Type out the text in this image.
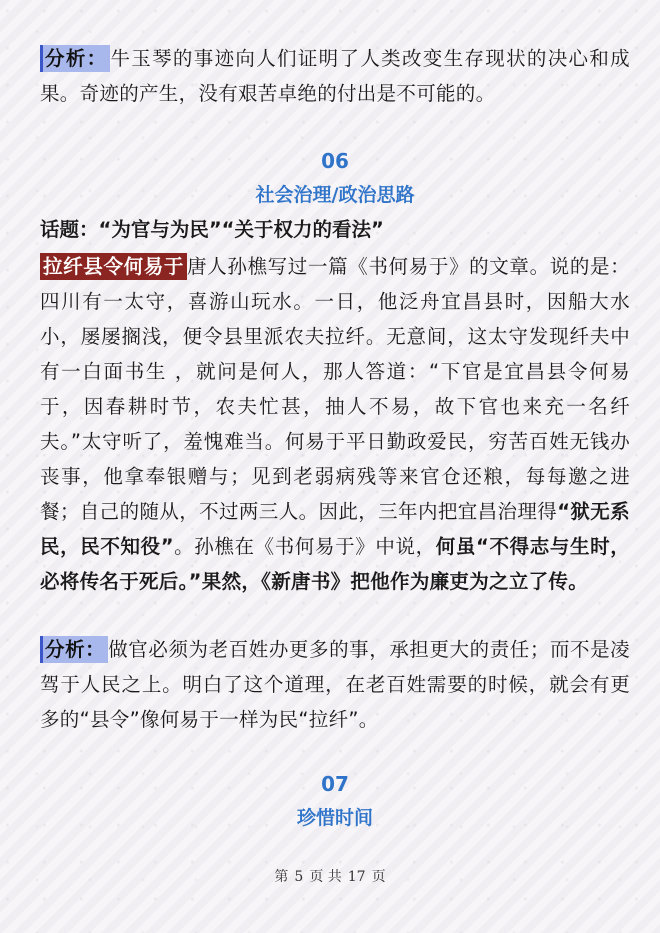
分析： 牛玉琴的事迹向人们证明了人类改变生存现状的决心和成果。奇迹的产生，没有艰苦卓绝的付出是不可能的。

06

社会治理/政治思路

话题：“为官与为民”“关于权力的看法”

拉纤县令何易于 唐人孙樵写过一篇《书何易于》的文章。说的是：四川有一太守，喜游山玩水。一日，他泛舟宜昌县时，因船大水小，屡屡搁浅，便令县里派农夫拉纤。无意间，这太守发现纤夫中有一白面书生 ，就问是何人，那人答道：“下官是宜昌县令何易于，因春耕时节，农夫忙甚，抽人不易，故下官也来充一名纤夫。”太守听了，羞愧难当。何易于平日勤政爱民，穷苦百姓无钱办丧事，他拿奉银赠与；见到老弱病残等来官仓还粮，每每邀之进餐；自己的随从，不过两三人。因此，三年内把宜昌治理得“狱无系民，民不知役”。孙樵在《书何易于》中说，何虽“不得志与生时，必将传名于死后。”果然，《新唐书》把他作为廉吏为之立了传。

分析： 做官必须为老百姓办更多的事，承担更大的责任；而不是凌驾于人民之上。明白了这个道理，在老百姓需要的时候，就会有更多的“县令”像何易于一样为民“拉纤”。

07

珍惜时间

第 5 页 共 17 页
